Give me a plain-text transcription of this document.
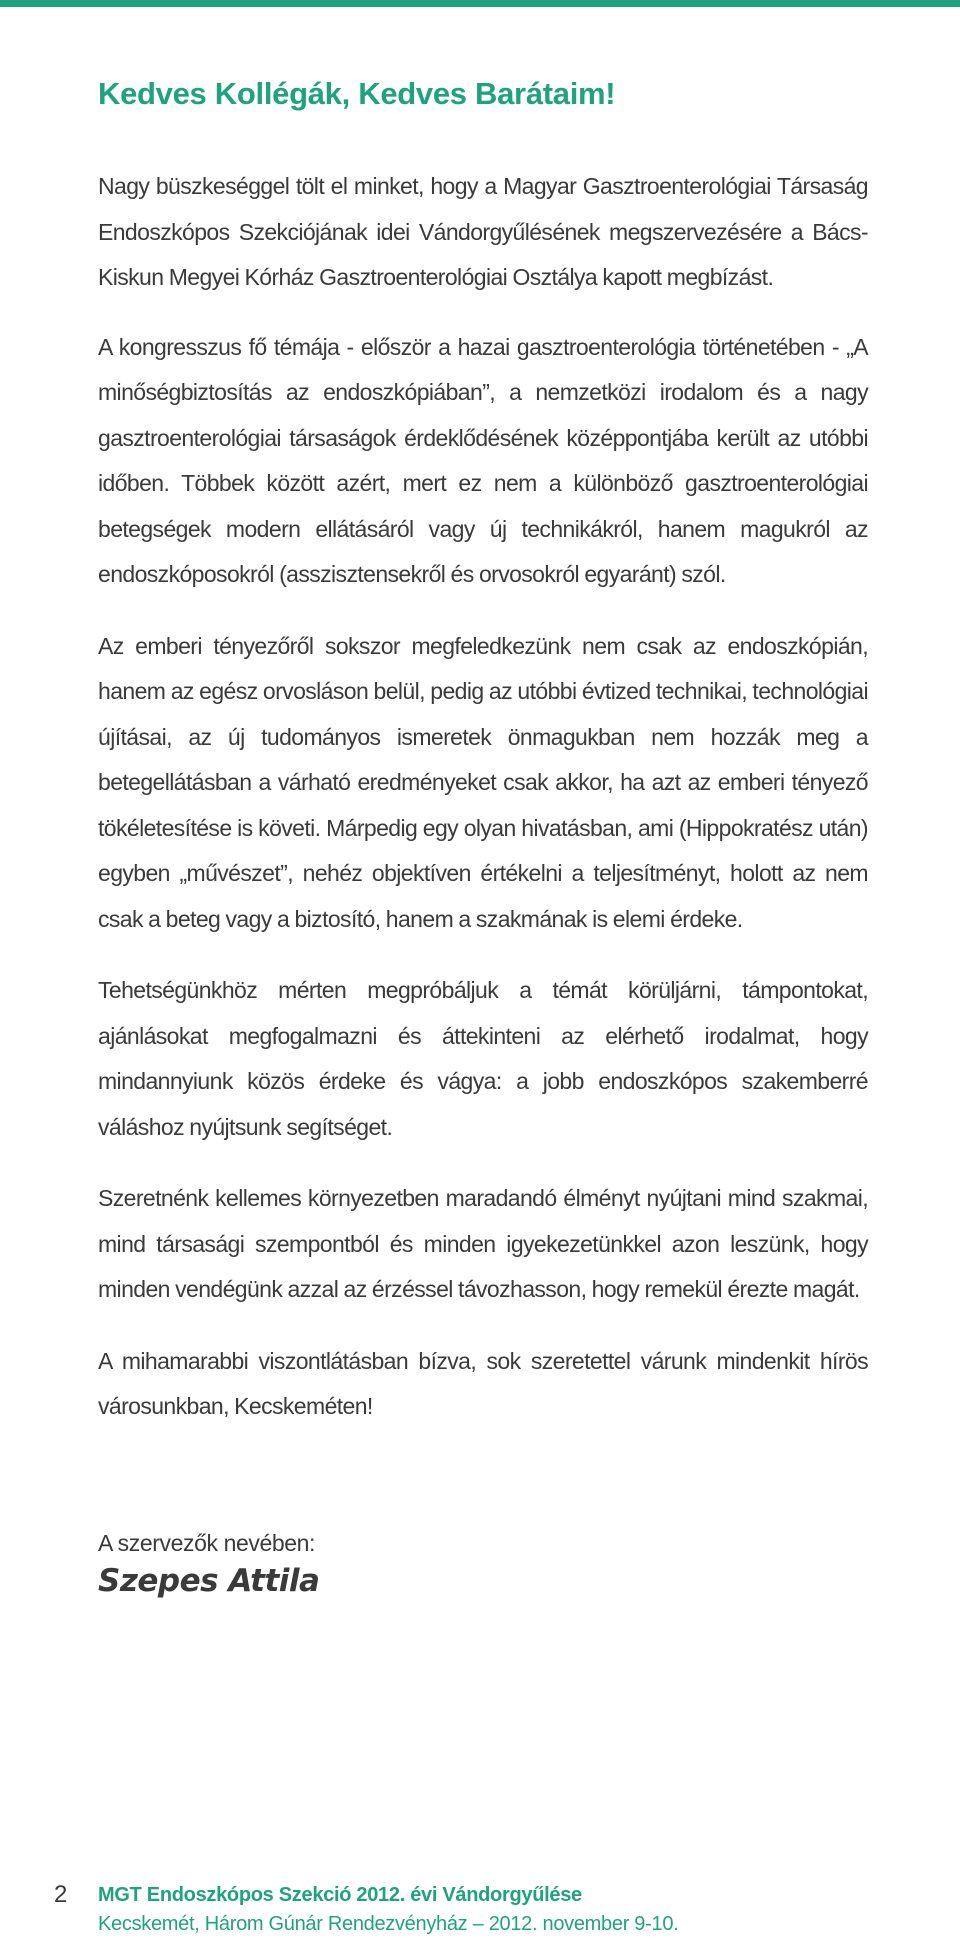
Kedves Kollégák, Kedves Barátaim!

Nagy büszkeséggel tölt el minket, hogy a Magyar Gasztroenterológiai Társaság Endoszkópos Szekciójának idei Vándorgyűlésének megszervezésére a Bács-Kiskun Megyei Kórház Gasztroenterológiai Osztálya kapott megbízást.

A kongresszus fő témája - először a hazai gasztroenterológia történetében - „A minőségbiztosítás az endoszkópiában”, a nemzetközi irodalom és a nagy gasztroenterológiai társaságok érdeklődésének középpontjába került az utóbbi időben. Többek között azért, mert ez nem a különböző gasztroenterológiai betegségek modern ellátásáról vagy új technikákról, hanem magukról az endoszkóposokról (asszisztensekről és orvosokról egyaránt) szól.

Az emberi tényezőről sokszor megfeledkezünk nem csak az endoszkópián, hanem az egész orvosláson belül, pedig az utóbbi évtized technikai, technológiai újításai, az új tudományos ismeretek önmagukban nem hozzák meg a betegellátásban a várható eredményeket csak akkor, ha azt az emberi tényező tökéletesítése is követi. Márpedig egy olyan hivatásban, ami (Hippokratész után) egyben „művészet”, nehéz objektíven értékelni a teljesítményt, holott az nem csak a beteg vagy a biztosító, hanem a szakmának is elemi érdeke.

Tehetségünkhöz mérten megpróbáljuk a témát körüljárni, támpontokat, ajánlásokat megfogalmazni és áttekinteni az elérhető irodalmat, hogy mindannyiunk közös érdeke és vágya: a jobb endoszkópos szakemberré váláshoz nyújtsunk segítséget.

Szeretnénk kellemes környezetben maradandó élményt nyújtani mind szakmai, mind társasági szempontból és minden igyekezetünkkel azon leszünk, hogy minden vendégünk azzal az érzéssel távozhasson, hogy remekül érezte magát.

A mihamarabbi viszontlátásban bízva, sok szeretettel várunk mindenkit hírös városunkban, Kecskeméten!

A szervezők nevében:
Szepes Attila
2 MGT Endoszkópos Szekció 2012. évi Vándorgyűlése
Kecskemét, Három Gúnár Rendezvényház – 2012. november 9-10.
